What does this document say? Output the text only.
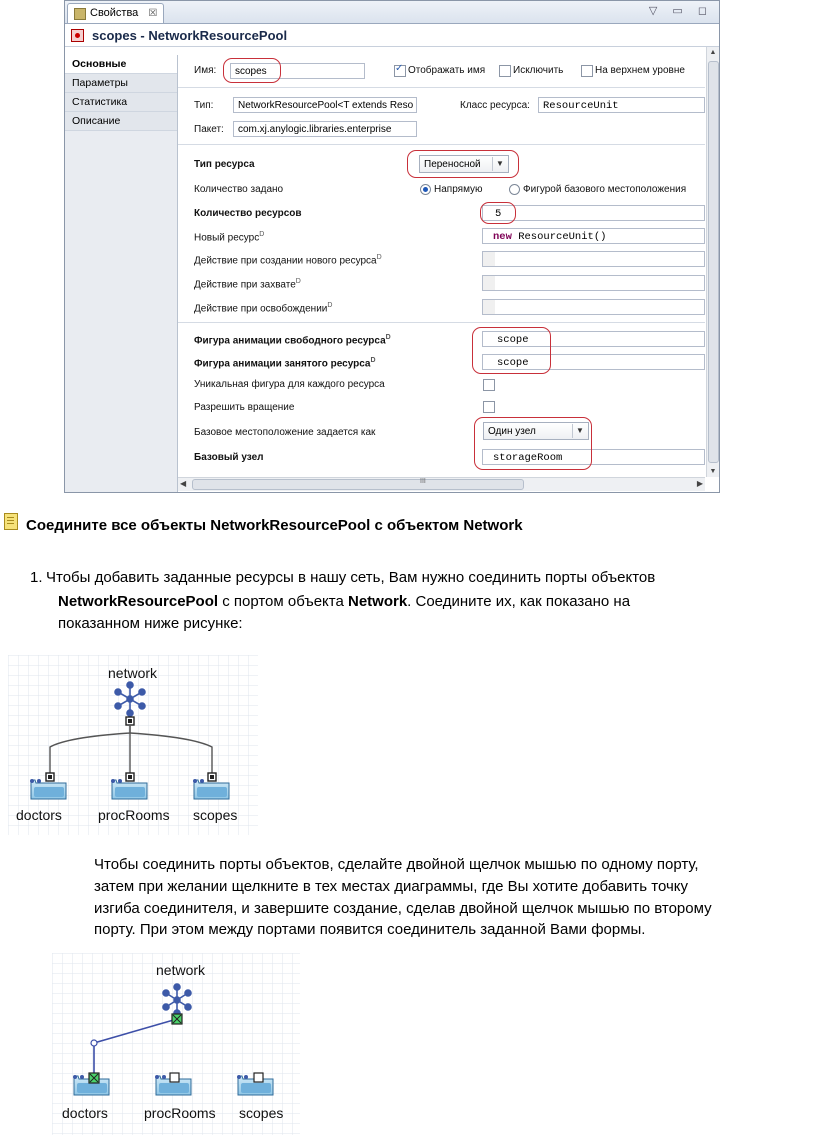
Свойства ☒	▽ ▭ ◻
scopes - NetworkResourcePool
Основные
Параметры
Статистика
Описание
Имя:	scopes
✓	Отображать имя	Исключить	На верхнем уровне
Тип:	NetworkResourcePool<T extends Reso	Класс ресурса:	ResourceUnit
Пакет:	com.xj.anylogic.libraries.enterprise
Тип ресурса	Переносной	▼
Количество задано	Напрямую	Фигурой базового местоположения
Количество ресурсов	5
Новый ресурс$^D$	new ResourceUnit()
Действие при создании нового ресурса$^D$
Действие при захвате$^D$
Действие при освобождении$^D$
Фигура анимации свободного ресурса$^D$	scope
Фигура анимации занятого ресурса$^D$	scope
Уникальная фигура для каждого ресурса
Разрешить вращение
Базовое местоположение задается как	Один узел	▼
Базовый узел	storageRoom
▲
▼
◀	III	▶
Соедините все объекты NetworkResourcePool с объектом Network
1. Чтобы добавить заданные ресурсы в нашу сеть, Вам нужно соединить порты объектов
NetworkResourcePool с портом объекта Network. Соедините их, как показано на
показанном ниже рисунке:
Чтобы соединить порты объектов, сделайте двойной щелчок мышью по одному порту,
затем при желании щелкните в тех местах диаграммы, где Вы хотите добавить точку
изгиба соединителя, и завершите создание, сделав двойной щелчок мышью по второму
порту. При этом между портами появится соединитель заданной Вами формы.
network
doctors	procRooms scopes
network
doctors	procRooms scopes
